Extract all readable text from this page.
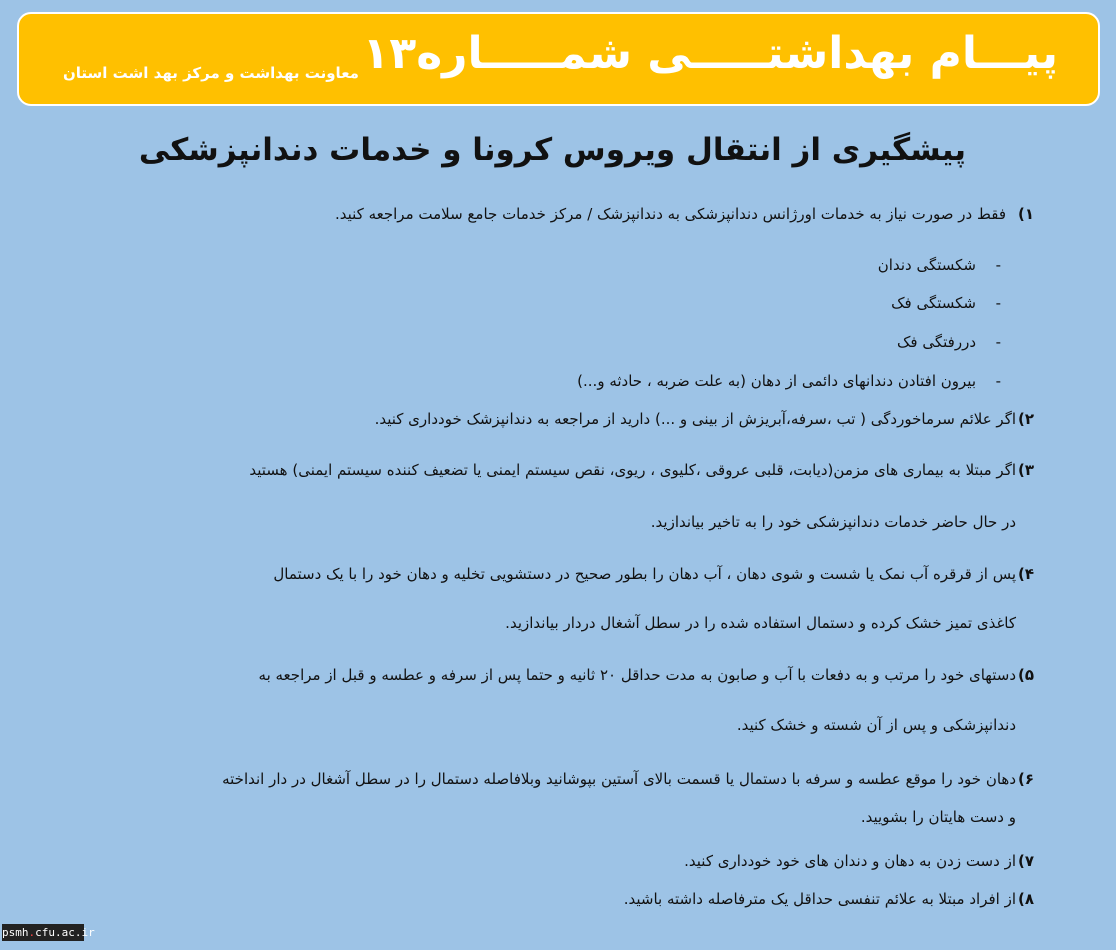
پیـــام بهداشتـــــی شمـــــاره۱۳
معاونت بهداشت و مرکز بهد اشت استان
پیشگیری از انتقال ویروس کرونا و خدمات دندانپزشکی
۱)
فقط در صورت نیاز به خدمات اورژانس دندانپزشکی به دندانپزشک / مرکز خدمات جامع سلامت مراجعه کنید.
-
شکستگی دندان
-
شکستگی فک
-
دررفتگی فک
-
بیرون افتادن دندانهای دائمی از دهان (به علت ضربه ، حادثه و...)
۲)
اگر علائم سرماخوردگی ( تب ،سرفه،آبریزش از بینی و ...) دارید از مراجعه به دندانپزشک خودداری کنید.
۳)
اگر مبتلا به بیماری های مزمن(دیابت، قلبی عروقی ،کلیوی ، ریوی، نقص سیستم ایمنی یا تضعیف کننده سیستم ایمنی) هستید
در حال حاضر خدمات دندانپزشکی خود را به تاخیر بیاندازید.
۴)
پس از قرقره آب نمک یا شست و شوی دهان ، آب دهان را بطور صحیح در دستشویی تخلیه و دهان خود را با یک دستمال
کاغذی تمیز خشک کرده و دستمال استفاده شده را در سطل آشغال دردار بیاندازید.
۵)
دستهای خود را مرتب و به دفعات با آب و صابون به مدت حداقل ۲۰ ثانیه و حتما پس از سرفه و عطسه و قبل از مراجعه به
دندانپزشکی و پس از آن شسته و خشک کنید.
۶)
دهان خود را موقع عطسه و سرفه با دستمال یا قسمت بالای آستین بپوشانید وبلافاصله دستمال را در سطل آشغال در دار انداخته
و دست هایتان را بشویید.
۷)
از دست زدن به دهان و دندان های خود خودداری کنید.
۸)
از افراد مبتلا به علائم تنفسی حداقل یک مترفاصله داشته باشید.
psmh.cfu.ac.ir
